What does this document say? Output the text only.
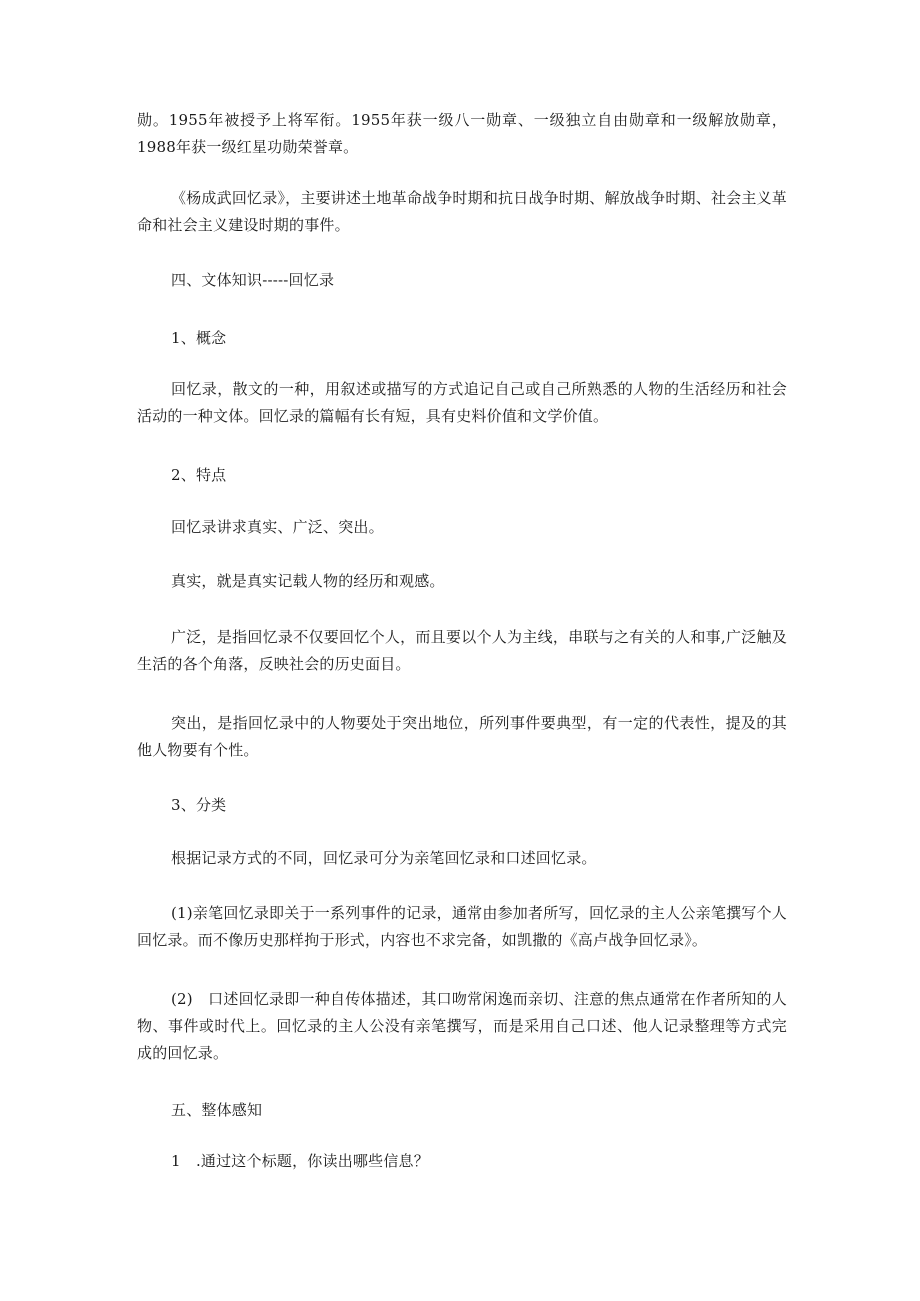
勋。1955年被授予上将军衔。1955年获一级八一勋章、一级独立自由勋章和一级解放勋章，1988年获一级红星功勋荣誉章。

《杨成武回忆录》，主要讲述土地革命战争时期和抗日战争时期、解放战争时期、社会主义革命和社会主义建设时期的事件。

四、文体知识-----回忆录

1、概念

回忆录，散文的一种，用叙述或描写的方式追记自己或自己所熟悉的人物的生活经历和社会活动的一种文体。回忆录的篇幅有长有短，具有史料价值和文学价值。

2、特点

回忆录讲求真实、广泛、突出。

真实，就是真实记载人物的经历和观感。

广泛，是指回忆录不仅要回忆个人，而且要以个人为主线，串联与之有关的人和事,广泛触及生活的各个角落，反映社会的历史面目。

突出，是指回忆录中的人物要处于突出地位，所列事件要典型，有一定的代表性，提及的其他人物要有个性。

3、分类

根据记录方式的不同，回忆录可分为亲笔回忆录和口述回忆录。

(1)亲笔回忆录即关于一系列事件的记录，通常由参加者所写，回忆录的主人公亲笔撰写个人回忆录。而不像历史那样拘于形式，内容也不求完备，如凯撒的《高卢战争回忆录》。

(2)　口述回忆录即一种自传体描述，其口吻常闲逸而亲切、注意的焦点通常在作者所知的人物、事件或时代上。回忆录的主人公没有亲笔撰写，而是采用自己口述、他人记录整理等方式完成的回忆录。

五、整体感知

1　.通过这个标题，你读出哪些信息？
